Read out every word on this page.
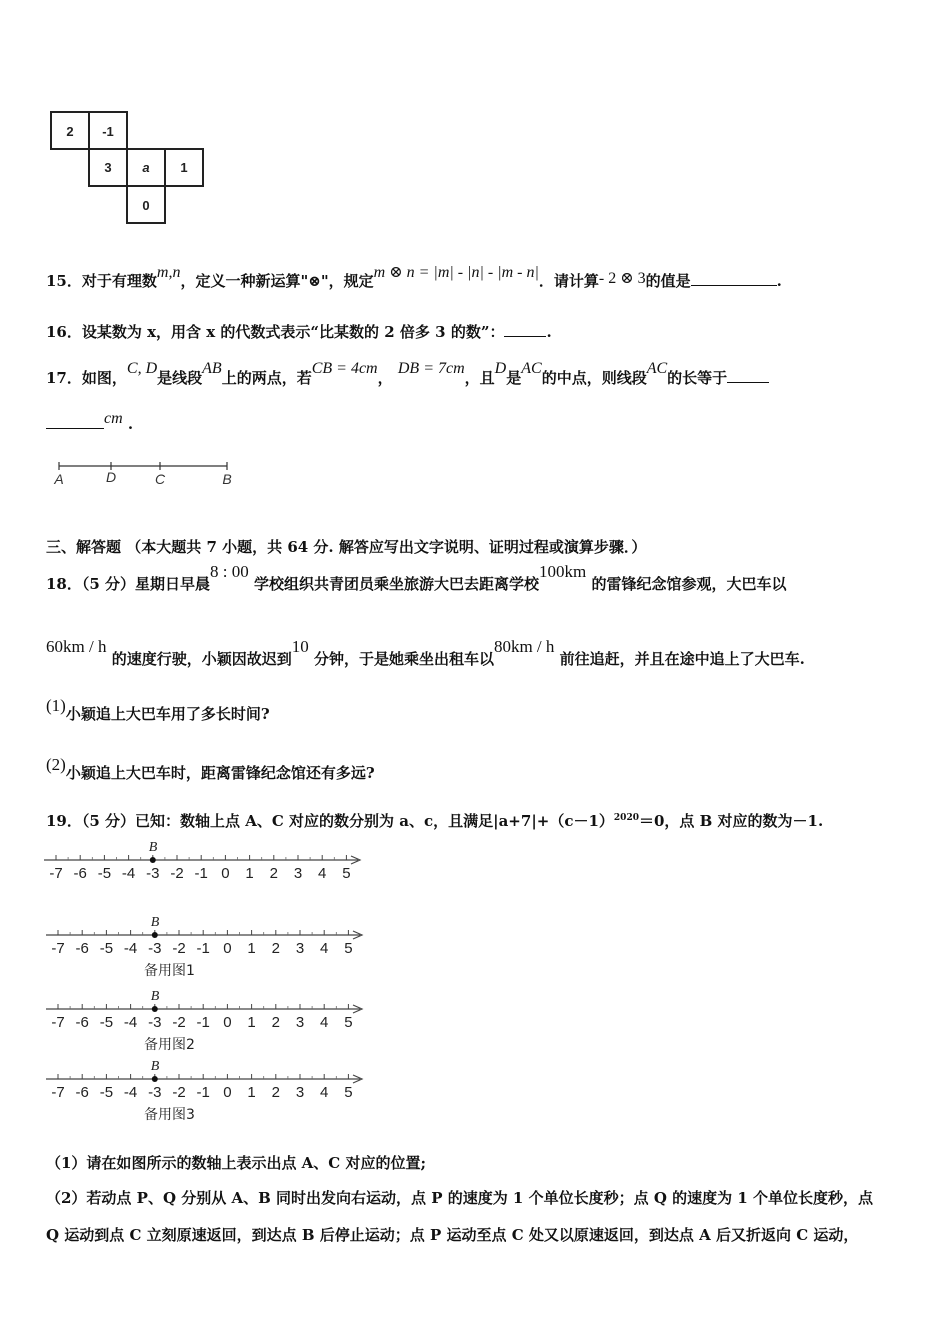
2 -1
3 a 1
0
15．对于有理数m,n，定义一种新运算"⊗"，规定m ⊗ n = |m| - |n| - |m - n|．请计算- 2 ⊗ 3的值是	.
16．设某数为 x，用含 x 的代数式表示“比某数的 2 倍多 3 的数”：	.
17．如图，C, D是线段AB上的两点，若CB = 4cm， DB = 7cm，且D是AC的中点，则线段AC的长等于
cm .
A	D	C	B
三、解答题 （本大题共 7 小题，共 64 分. 解答应写出文字说明、证明过程或演算步骤．）
18．（5 分）星期日早晨8 : 00 学校组织共青团员乘坐旅游大巴去距离学校100km 的雷锋纪念馆参观，大巴车以
60km / h 的速度行驶，小颖因故迟到10 分钟，于是她乘坐出租车以80km / h 前往追赶，并且在途中追上了大巴车.
(1)小颖追上大巴车用了多长时间?
(2)小颖追上大巴车时，距离雷锋纪念馆还有多远?
19．（5 分）已知：数轴上点 A、C 对应的数分别为 a、c，且满足$|a+7|+(c-1)^{2020}=0$，点 B 对应的数为－1.
-7 -6 -5 -4 -3 -2 -1 0 1 2 3 4 5
B
-7 -6 -5 -4 -3 -2 -1 0 1 2 3 4 5
B
备用图1
-7 -6 -5 -4 -3 -2 -1 0 1 2 3 4 5
B
备用图2
-7 -6 -5 -4 -3 -2 -1 0 1 2 3 4 5
B
备用图3
（1）请在如图所示的数轴上表示出点 A、C 对应的位置;
（2）若动点 P、Q 分别从 A、B 同时出发向右运动，点 P 的速度为 1 个单位长度秒；点 Q 的速度为 1 个单位长度秒，点
Q 运动到点 C 立刻原速返回，到达点 B 后停止运动；点 P 运动至点 C 处又以原速返回，到达点 A 后又折返向 C 运动，
